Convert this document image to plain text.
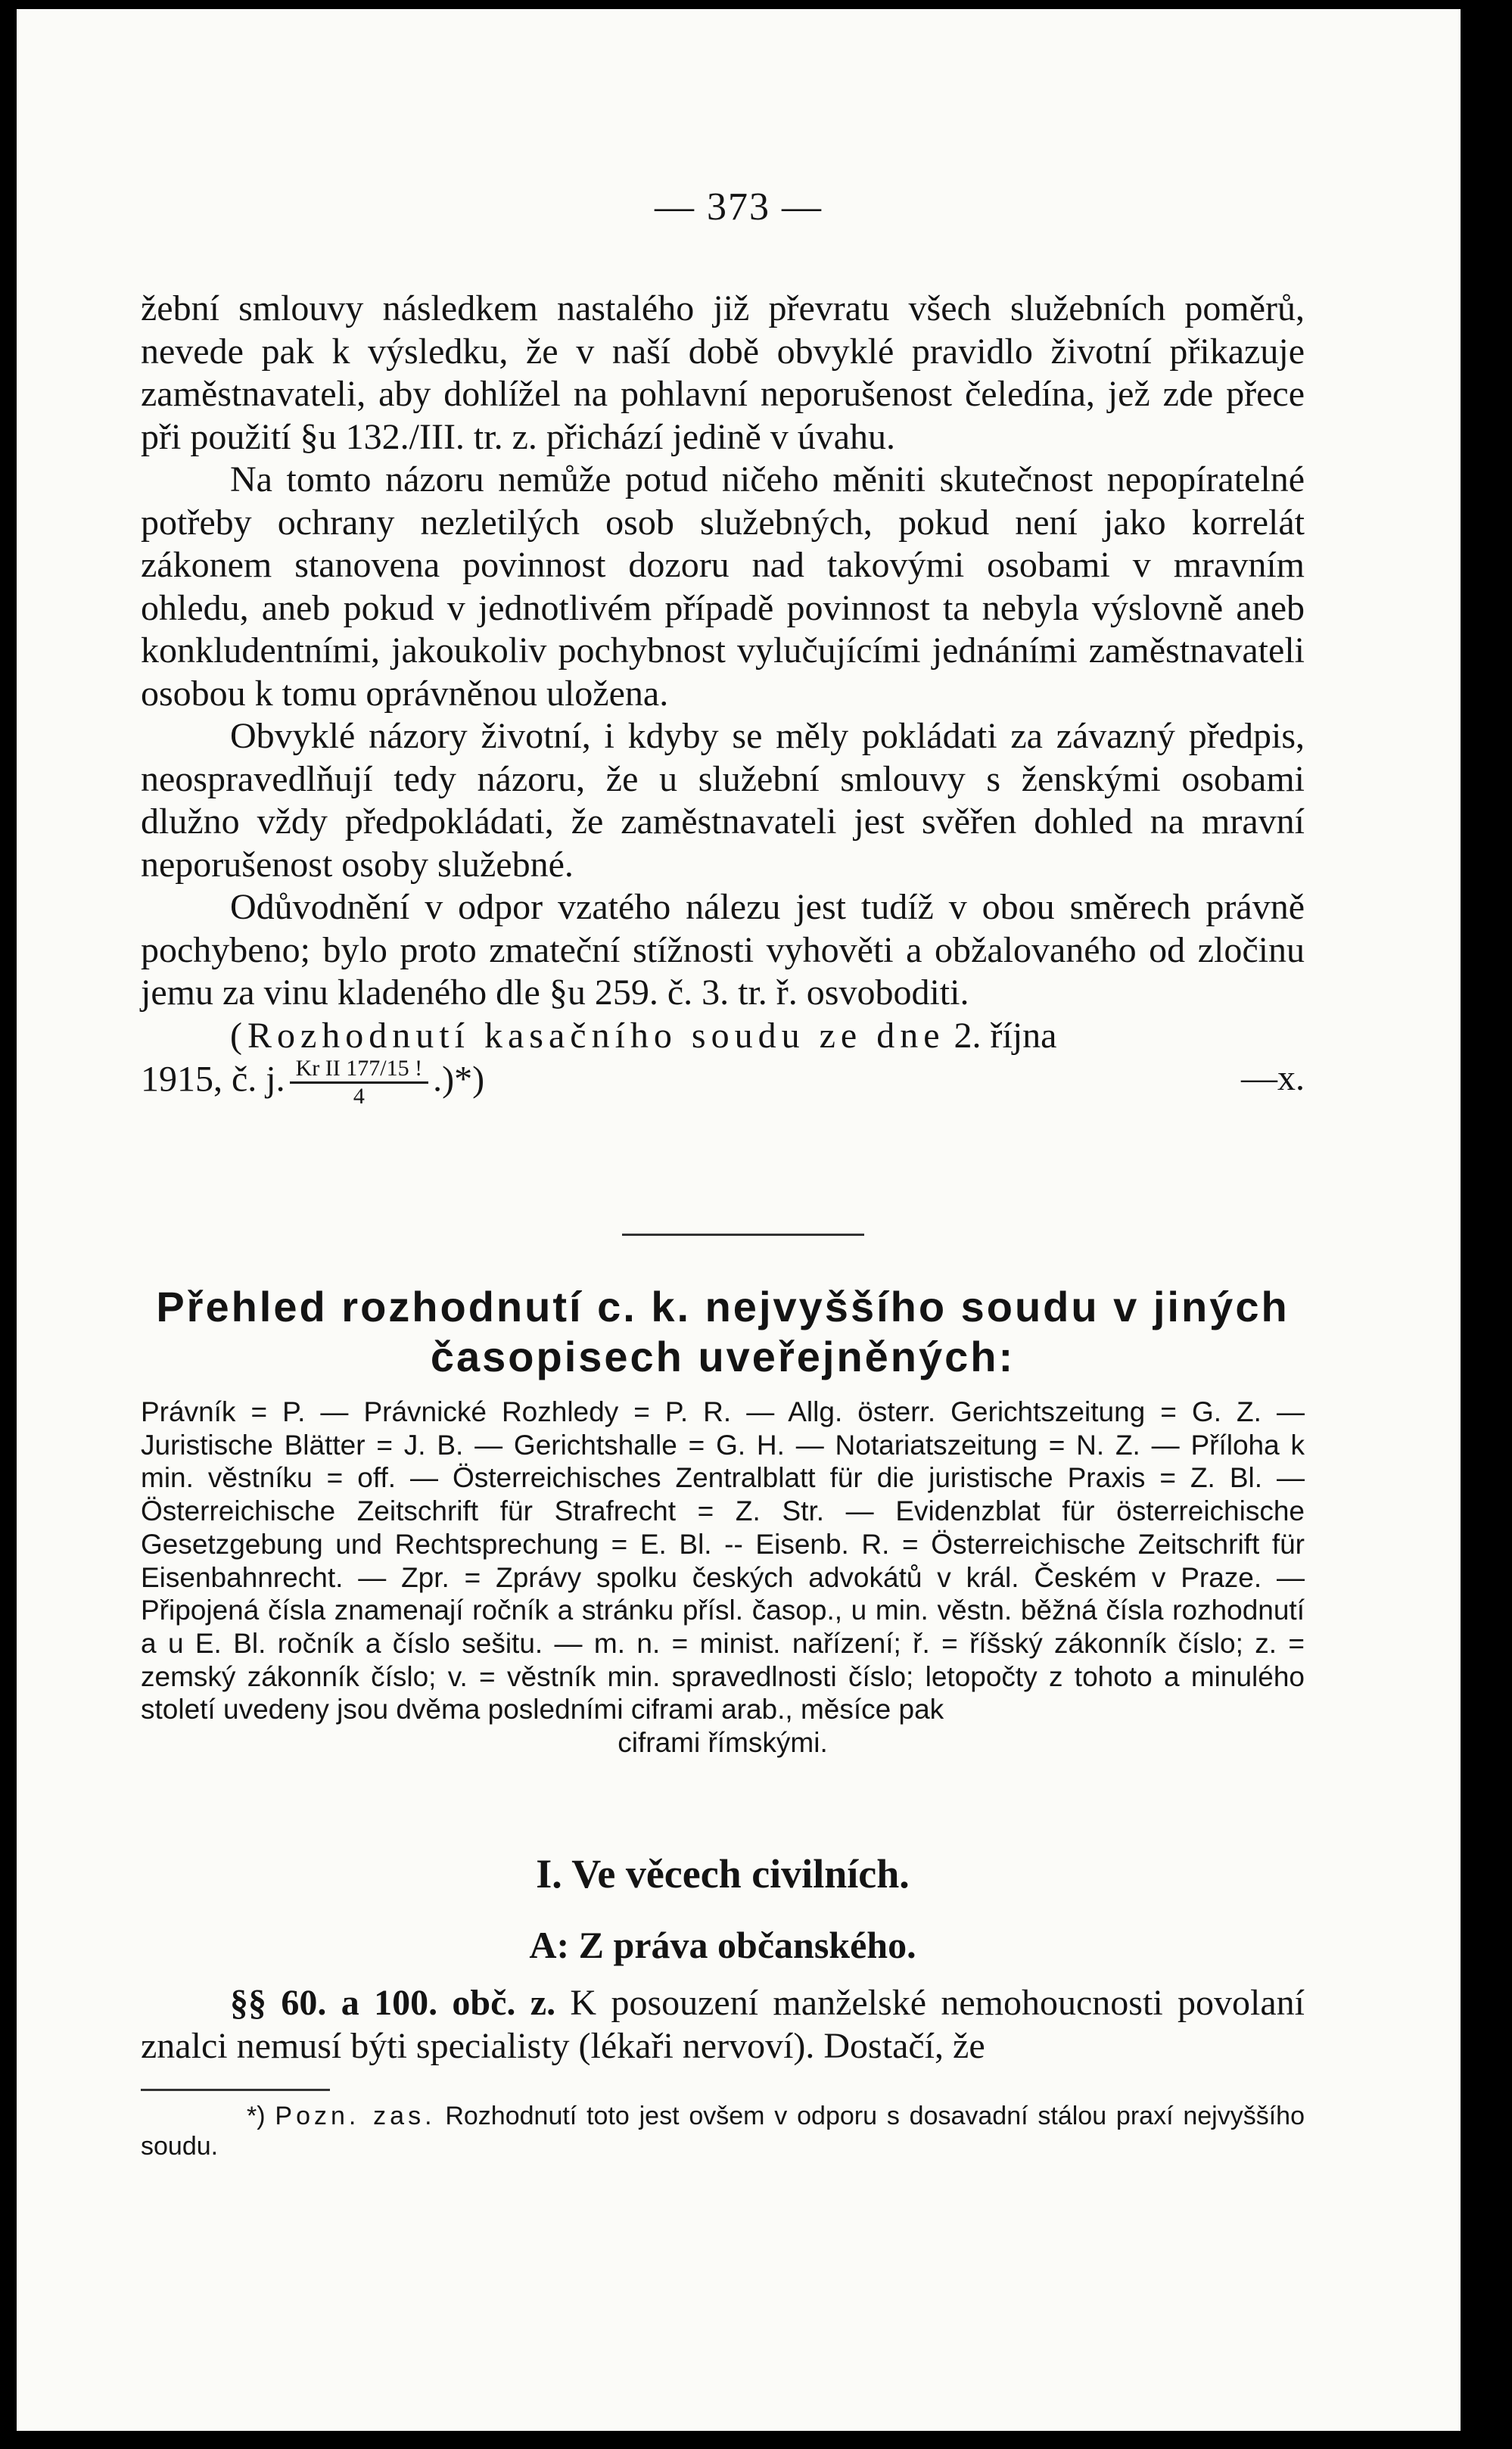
— 373 —

žební smlouvy následkem nastalého již převratu všech služebních poměrů, nevede pak k výsledku, že v naší době obvyklé pravidlo životní přikazuje zaměstnavateli, aby dohlížel na pohlavní neporušenost čeledína, jež zde přece při použití §u 132./III. tr. z. přichází jedině v úvahu.

Na tomto názoru nemůže potud ničeho měniti skutečnost nepopíratelné potřeby ochrany nezletilých osob služebných, pokud není jako korrelát zákonem stanovena povinnost dozoru nad takovými osobami v mravním ohledu, aneb pokud v jednotlivém případě povinnost ta nebyla výslovně aneb konkludentními, jakoukoliv pochybnost vylučujícími jednáními zaměstnavateli osobou k tomu oprávněnou uložena.

Obvyklé názory životní, i kdyby se měly pokládati za závazný předpis, neospravedlňují tedy názoru, že u služební smlouvy s ženskými osobami dlužno vždy předpokládati, že zaměstnavateli jest svěřen dohled na mravní neporušenost osoby služebné.

Odůvodnění v odpor vzatého nálezu jest tudíž v obou směrech právně pochybeno; bylo proto zmateční stížnosti vyhověti a obžalovaného od zločinu jemu za vinu kladeného dle §u 259. č. 3. tr. ř. osvoboditi.

(Rozhodnutí kasačního soudu ze dne 2. října

1915, č. j. $\frac{\text{Kr II 177/15 !}}{4}$ .)*)	—x.

Přehled rozhodnutí c. k. nejvyššího soudu v jiných
časopisech uveřejněných:
Právník = P. — Právnické Rozhledy = P. R. — Allg. österr. Gerichtszeitung = G. Z. — Juristische Blätter = J. B. — Gerichtshalle = G. H. — Notariatszeitung = N. Z. — Příloha k min. věstníku = off. — Österreichisches Zentralblatt für die juristische Praxis = Z. Bl. — Österreichische Zeitschrift für Strafrecht = Z. Str. — Evidenzblat für österreichische Gesetzgebung und Rechtsprechung = E. Bl. -- Eisenb. R. = Österreichische Zeitschrift für Eisenbahnrecht. — Zpr. = Zprávy spolku českých advokátů v král. Českém v Praze. — Připojená čísla znamenají ročník a stránku přísl. časop., u min. věstn. běžná čísla rozhodnutí a u E. Bl. ročník a číslo sešitu. — m. n. = minist. nařízení; ř. = říšský zákonník číslo; z. = zemský zákonník číslo; v. = věstník min. spravedlnosti číslo; letopočty z tohoto a minulého století uvedeny jsou dvěma posledními ciframi arab., měsíce pak
ciframi římskými.
I. Ve věcech civilních.
A: Z práva občanského.
§§ 60. a 100. obč. z. K posouzení manželské nemohoucnosti povolaní znalci nemusí býti specialisty (lékaři nervoví). Dostačí, že
*) Pozn. zas. Rozhodnutí toto jest ovšem v odporu s dosavadní stálou praxí nejvyššího soudu.
